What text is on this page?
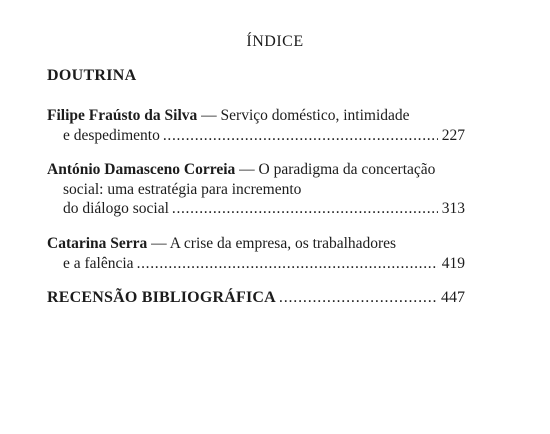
ÍNDICE
DOUTRINA
Filipe Fraústo da Silva — Serviço doméstico, intimidade
e despedimento . . .	227
António Damasceno Correia — O paradigma da concertação
social: uma estratégia para incremento
do diálogo social . . .	313
Catarina Serra — A crise da empresa, os trabalhadores
e a falência . . .	419
RECENSÃO BIBLIOGRÁFICA . . .	447
